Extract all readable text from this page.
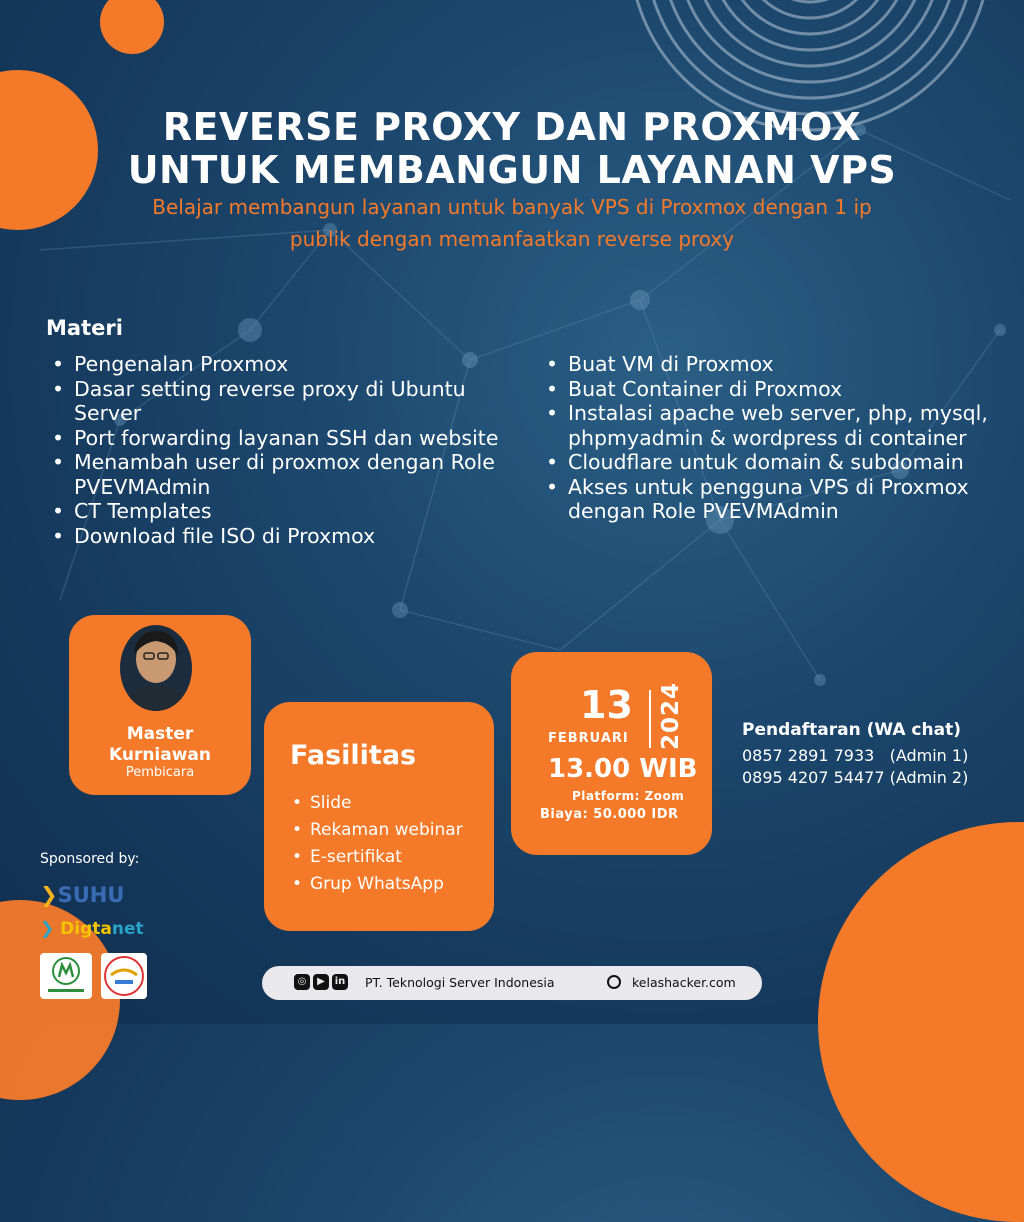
REVERSE PROXY DAN PROXMOX
UNTUK MEMBANGUN LAYANAN VPS
Belajar membangun layanan untuk banyak VPS di Proxmox dengan 1 ip
publik dengan memanfaatkan reverse proxy
Materi
• Pengenalan Proxmox
• Dasar setting reverse proxy di Ubuntu Server
• Port forwarding layanan SSH dan website
• Menambah user di proxmox dengan Role PVEVMAdmin
• CT Templates
• Download file ISO di Proxmox
• Buat VM di Proxmox
• Buat Container di Proxmox
• Instalasi apache web server, php, mysql, phpmyadmin & wordpress di container
• Cloudflare untuk domain & subdomain
• Akses untuk pengguna VPS di Proxmox dengan Role PVEVMAdmin
Master
Kurniawan
Pembicara
Fasilitas
• Slide
• Rekaman webinar
• E-sertifikat
• Grup WhatsApp
13
FEBRUARI 2024
13.00 WIB
Platform: Zoom
Biaya: 50.000 IDR
Pendaftaran (WA chat)
0857 2891 7933   (Admin 1)
0895 4207 54477 (Admin 2)
Sponsored by:
❯SUHU
❯ Digtanet
◎	▶ in PT. Teknologi Server Indonesia	kelashacker.com
